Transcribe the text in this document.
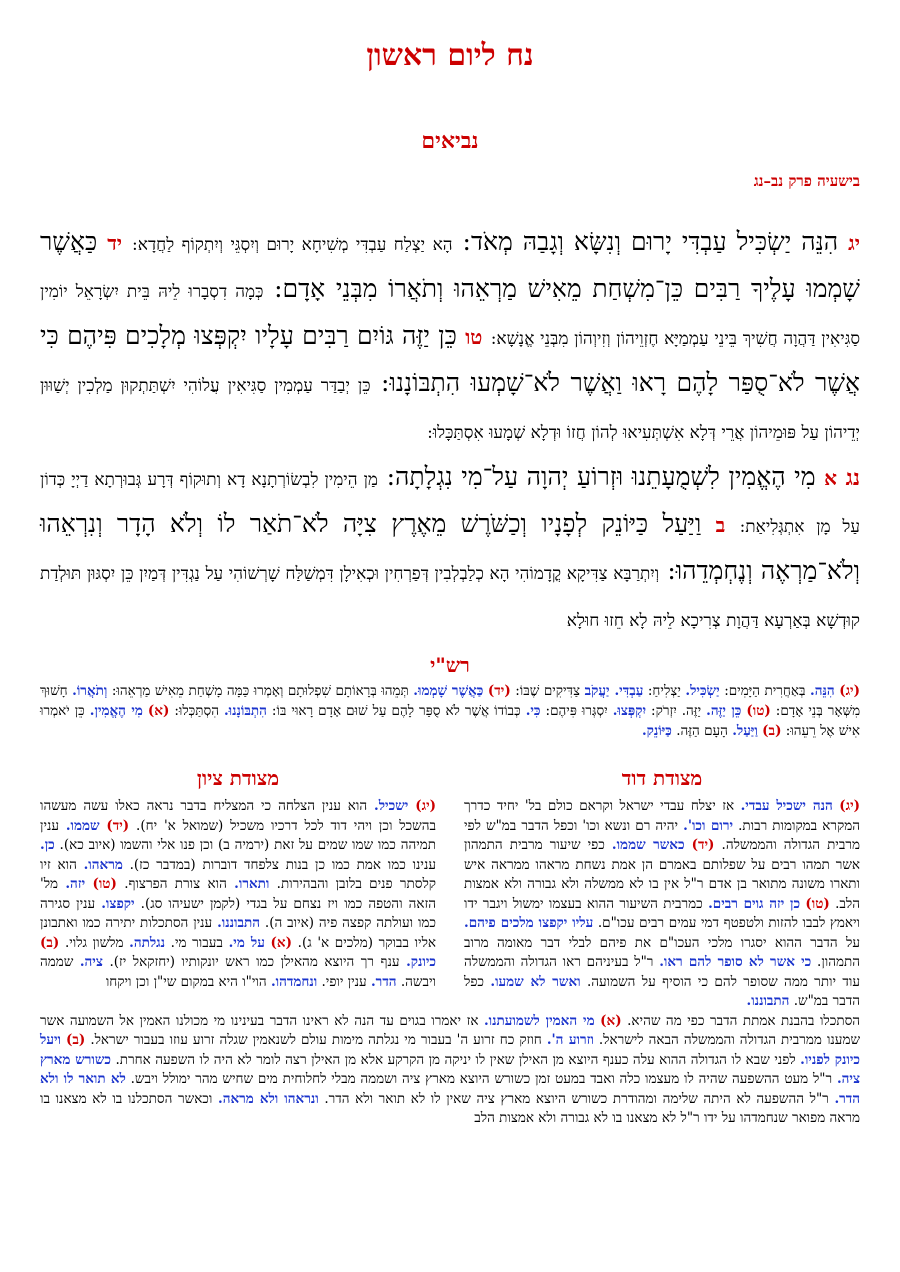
נח ליום ראשון
נביאים
בישעיה פרק נב–נג
יג הִנֵּה יַשְׂכִּיל עַבְדִּי יָרוּם וְנִשָּׂא וְגָבַהּ מְאֹד: הָא יַצְלַח עַבְדִּי מְשִׁיחָא יָרוּם וְיִסְגֵּי וְיִתְקוֹף לַחֲדָא: יד כַּאֲשֶׁר שָׁמְמוּ עָלֶיךָ רַבִּים כֵּן־מִשְׁחַת מֵאִישׁ מַרְאֵהוּ וְתֹאֲרוֹ מִבְּנֵי אָדָם: כְּמָה דִסְבָרוּ לֵיהּ בֵּית יִשְׂרָאֵל יוֹמִין סַגִּיאִין דַּהֲוָה חֲשִׁיךְ בֵּינֵי עַמְמַיָּא חֶזְוֵיהוֹן וְזִיוְהוֹן מִבְּנֵי אֱנָשָׁא: טו כֵּן יַזֶּה גּוֹיִם רַבִּים עָלָיו יִקְפְּצוּ מְלָכִים פִּיהֶם כִּי אֲשֶׁר לֹא־סֻפַּר לָהֶם רָאוּ וַאֲשֶׁר לֹא־שָׁמְעוּ הִתְבּוֹנָנוּ: כֵּן יְבַדַּר עַמְמִין סַגִּיאִין עֲלוֹהִי יִשְׁתַּתְקוּן מַלְכִין יְשַׁוּוּן יְדֵיהוֹן עַל פּוּמֵיהוֹן אֲרֵי דְּלָא אִשְׁתְּעִיאוּ לְהוֹן חֲזוֹ וּדְלָא שְׁמָעוּ אִסְתַּכָּלוּ:
נג א מִי הֶאֱמִין לִשְׁמֻעָתֵנוּ וּזְרוֹעַ יְהוָה עַל־מִי נִגְלָתָה: מַן הֵימִין לִבְשׂוֹרְתָנָא דָא וְתוּקוֹף דְּרָע גְּבוּרְתָא דַיְיָ כְּדוֹן עַל מָן אִתְגְּלִיאַת: ב וַיַּעַל כַּיּוֹנֵק לְפָנָיו וְכַשֹּׁרֶשׁ מֵאֶרֶץ צִיָּה לֹא־תֹאַר לוֹ וְלֹא הָדָר וְנִרְאֵהוּ וְלֹא־מַרְאֶה וְנֶחְמְדֵהוּ: וְיִתְרַבָּא צַדִּיקָא קֳדָמוֹהִי הָא כְלַבְלְבִין דְּפַרְחִין וּכְאִילָן דִּמְשַׁלַּח שָׁרְשׁוֹהִי עַל נַגְדִּין דְּמַיִן כֵּן יִסְגּוּן תּוּלְדַת קוּדְשָׁא בְּאַרְעָא דַּהֲוָת צְרִיכָא לֵיהּ לָא חֵזוּ חוּלָא
רש"י
(יג) הִנֵּה. בְּאַחֲרִית הַיָּמִים: יַשְׂכִּיל. יַצְלִיחַ: עַבְדִּי. יַעֲקֹב צַדִּיקִים שֶׁבּוֹ: (יד) כַּאֲשֶׁר שָׁמְמוּ. תְּמֵהוּ בְּרָאוֹתָם שִׁפְלוּתָם וְאָמְרוּ כַּמָּה מָשְׁחַת מֵאִישׁ מַרְאֵהוּ: וְתֹאֲרוֹ. חָשׁוּךְ מִשְּׁאָר בְּנֵי אָדָם: (טו) כֵּן יַזֶּה. יַזֶּה. יִזְרֹק: יִקְפְּצוּ. יִסְגְּרוּ פִּיהֶם: כִּי. כְּבוֹדוֹ אֲשֶׁר לֹא סֻפַּר לָהֶם עַל שׁוּם אָדָם רָאוּי בּוֹ: הִתְבּוֹנָנוּ. הִסְתַּכְּלוּ: (א) מִי הֶאֱמִין. כֵּן יֹאמְרוּ אִישׁ אֶל רֵעֵהוּ: (ב) וַיַּעַל. הָעָם הַזֶּה. כַּיּוֹנֵק.
מצודת דוד
(יג) הנה ישכיל עבדי. אז יצלח עבדי ישראל וקראם כולם בל' יחיד כדרך המקרא במקומות רבות. ירום וכו'. יהיה רם ונשא וכו' וכפל הדבר במ"ש לפי מרבית הגדולה והממשלה. (יד) כאשר שממו. כפי שיעור מרבית התמהון אשר תמהו רבים על שפלותם באמרם הן אמת נשחת מראהו ממראה איש ותארו משונה מתואר בן אדם ר"ל אין בו לא ממשלה ולא גבורה ולא אמצות הלב. (טו) כן יזה גוים רבים. כמרבית השיעור ההוא בעצמו ימשול ויגבר ידו ויאמץ לבבו להזות ולטפטף דמי עמים רבים עכו"ם. עליו יקפצו מלכים פיהם. על הדבר ההוא יסגרו מלכי העכו"ם את פיהם לבלי דבר מאומה מרוב התמהון. כי אשר לא סופר להם ראו. ר"ל בעיניהם ראו הגדולה והממשלה עוד יותר ממה שסופר להם כי הוסיף על השמועה. ואשר לא שמעו. כפל הדבר במ"ש. התבוננו.
מצודת ציון
(יג) ישכיל. הוא ענין הצלחה כי המצליח בדבר נראה כאלו עשה מעשהו בהשכל וכן ויהי דוד לכל דרכיו משכיל (שמואל א' יח). (יד) שממו. ענין תמיהה כמו שמו שמים על זאת (ירמיה ב) וכן פנו אלי והשמו (איוב כא). כן. ענינו כמו אמת כמו כן בנות צלפחד דוברות (במדבר כז). מראהו. הוא זיו קלסתר פנים בלובן והבהירות. ותארו. הוא צורת הפרצוף. (טו) יזה. מל' הזאה והטפה כמו ויז נצחם על בגדי (לקמן ישעיהו סג). יקפצו. ענין סגירה כמו ועולתה קפצה פיה (איוב ה). התבוננו. ענין הסתכלות יתירה כמו ואתבונן אליו בבוקר (מלכים א' ג). (א) על מי. בעבור מי. נגלתה. מלשון גלוי. (ב) כיונק. ענף רך היוצא מהאילן כמו ראש יונקותיו (יחזקאל יז). ציה. שממה ויבשה. הדר. ענין יופי. ונחמדהו. הוי"ו היא במקום שי"ן וכן ויקחו
הסתכלו בהבנת אמתת הדבר כפי מה שהיא. (א) מי האמין לשמועתנו. אז יאמרו בגוים עד הנה לא ראינו הדבר בעינינו מי מכולנו האמין אל השמועה אשר שמענו ממרבית הגדולה והממשלה הבאה לישראל. וזרוע ה'. חוזק כח זרוע ה' בעבור מי נגלתה מימות עולם לשנאמין שגלה זרוע עוזו בעבור ישראל. (ב) ויעל כיונק לפניו. לפני שבא לו הגדולה ההוא עלה כענף היוצא מן האילן שאין לו יניקה מן הקרקע אלא מן האילן רצה לומר לא היה לו השפעה אחרת. כשורש מארץ ציה. ר"ל מעט ההשפעה שהיה לו מעצמו כלה ואבד במעט זמן כשורש היוצא מארץ ציה ושממה מבלי לחלוחית מים שחיש מהר ימולל ויבש. לא תואר לו ולא הדר. ר"ל ההשפעה לא היתה שלימה ומהודרת כשורש היוצא מארץ ציה שאין לו לא תואר ולא הדר. ונראהו ולא מראה. וכאשר הסתכלנו בו לא מצאנו בו מראה מפואר שנחמדהו על ידו ר"ל לא מצאנו בו לא גבורה ולא אמצות הלב
